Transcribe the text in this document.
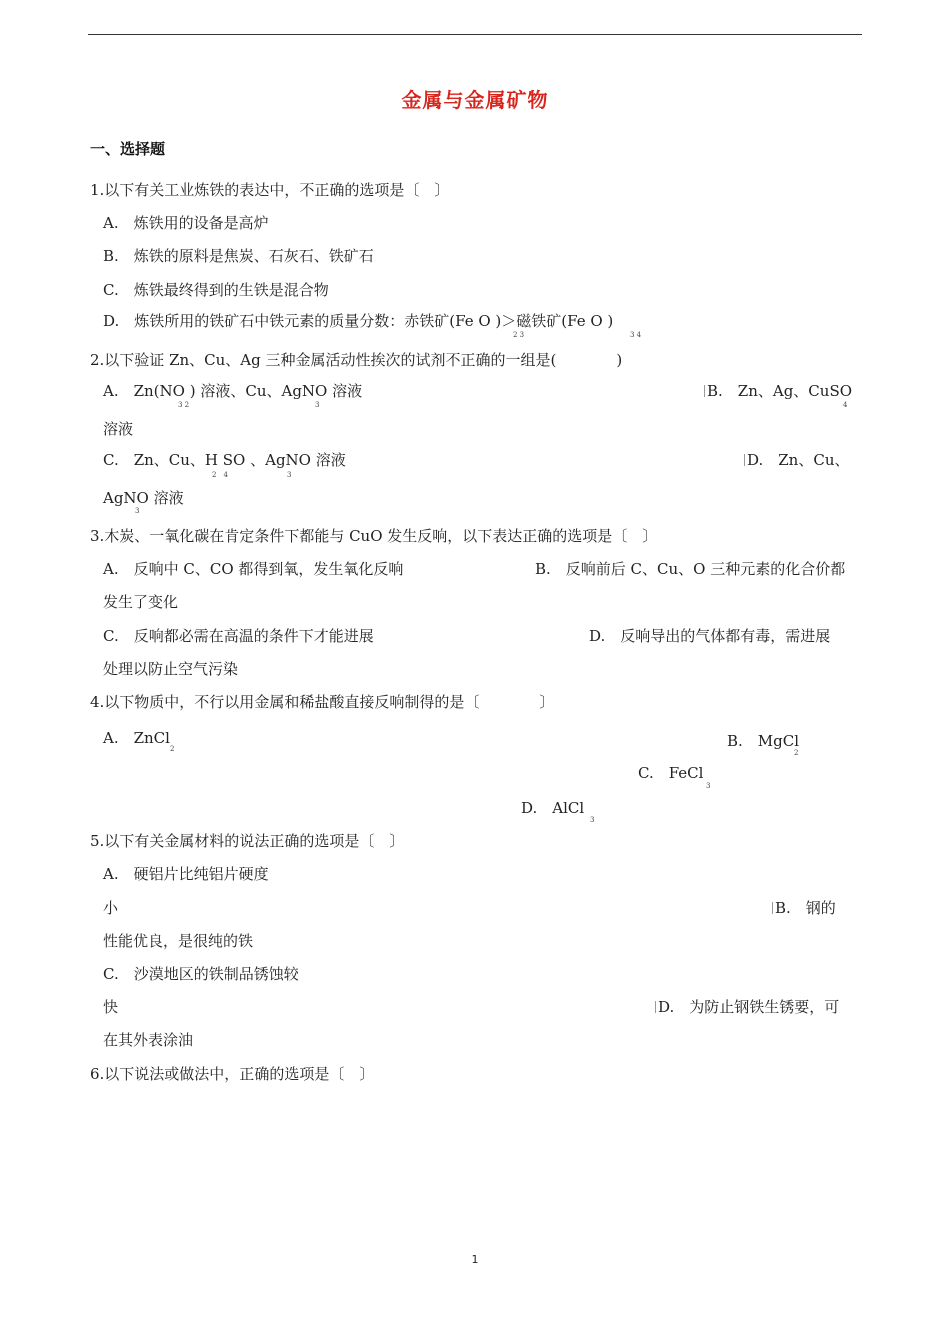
金属与金属矿物
一、选择题
1.以下有关工业炼铁的表达中，不正确的选项是〔　〕
A.　炼铁用的设备是高炉
B.　炼铁的原料是焦炭、石灰石、铁矿石
C.　炼铁最终得到的生铁是混合物
D.　炼铁所用的铁矿石中铁元素的质量分数：赤铁矿(Fe O )＞磁铁矿(Fe O )
2 3	3 4
2.以下验证 Zn、Cu、Ag 三种金属活动性挨次的试剂不正确的一组是(　　　　)
A.　Zn(NO ) 溶液、Cu、AgNO 溶液
3 2	3
B.　Zn、Ag、CuSO
4
溶液
C.　Zn、Cu、H SO 、AgNO 溶液
2　4	3
D.　Zn、Cu、
AgNO 溶液
3
3.木炭、一氧化碳在肯定条件下都能与 CuO 发生反响，以下表达正确的选项是〔　〕
A.　反响中 C、CO 都得到氧，发生氧化反响	B.　反响前后 C、Cu、O 三种元素的化合价都
发生了变化
C.　反响都必需在高温的条件下才能进展	D.　反响导出的气体都有毒，需进展
处理以防止空气污染
4.以下物质中，不行以用金属和稀盐酸直接反响制得的是〔　　　　〕
A.　ZnCl
2	B.　MgCl
2
C.　FeCl
3
D.　AlCl
3
5.以下有关金属材料的说法正确的选项是〔　〕
A.　硬铝片比纯铝片硬度
小	B.　钢的
性能优良，是很纯的铁
C.　沙漠地区的铁制品锈蚀较
快	D.　为防止钢铁生锈要，可
在其外表涂油
6.以下说法或做法中，正确的选项是〔　〕
1
